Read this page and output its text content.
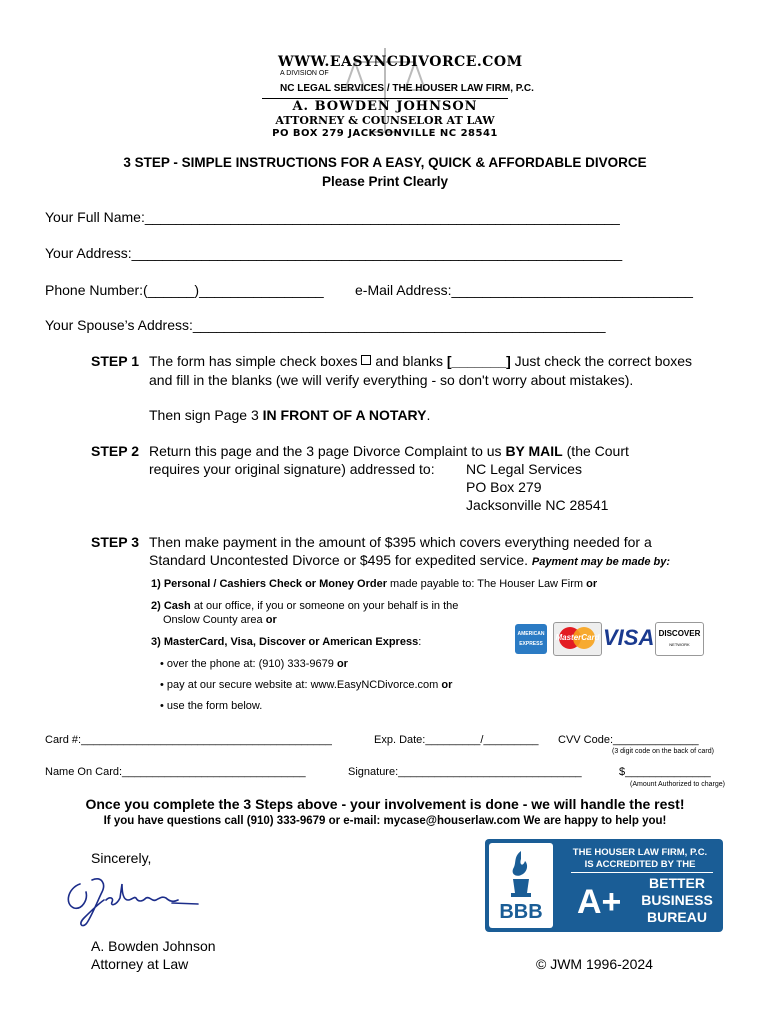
WWW.EASYNCDIVORCE.COM
A DIVISION OF
NC LEGAL SERVICES / THE HOUSER LAW FIRM, P.C.
A. BOWDEN JOHNSON
ATTORNEY & COUNSELOR AT LAW
PO BOX 279 JACKSONVILLE NC 28541
3 STEP - SIMPLE INSTRUCTIONS FOR A EASY, QUICK & AFFORDABLE DIVORCE
Please Print Clearly
Your Full Name:_____________________________________________________________
Your Address:_______________________________________________________________
Phone Number:(______)________________ e-Mail Address:_______________________________
Your Spouse’s Address:_____________________________________________________
STEP 1 The form has simple check boxes and blanks [_______] Just check the correct boxes
and fill in the blanks (we will verify everything - so don't worry about mistakes).
Then sign Page 3 IN FRONT OF A NOTARY.
STEP 2 Return this page and the 3 page Divorce Complaint to us BY MAIL (the Court
requires your original signature) addressed to: NC Legal Services
PO Box 279
Jacksonville NC 28541
STEP 3 Then make payment in the amount of $395 which covers everything needed for a
Standard Uncontested Divorce or $495 for expedited service. Payment may be made by:
1) Personal / Cashiers Check or Money Order made payable to: The Houser Law Firm or
2) Cash at our office, if you or someone on your behalf is in the
Onslow County area or
3) MasterCard, Visa, Discover or American Express:
• over the phone at: (910) 333-9679 or
• pay at our secure website at: www.EasyNCDivorce.com or
• use the form below.
AMERICAN EXPRESS
MasterCard VISA DISCOVER
NETWORK
Card #:_________________________________________	Exp. Date:_________/_________ CVV Code:______________
(3 digit code on the back of card)
Name On Card:______________________________	Signature:______________________________	$______________
(Amount Authorized to charge)
Once you complete the 3 Steps above - your involvement is done - we will handle the rest!
If you have questions call (910) 333-9679 or e-mail: mycase@houserlaw.com We are happy to help you!
Sincerely,
A. Bowden Johnson
Attorney at Law	© JWM 1996-2024
BBB
THE HOUSER LAW FIRM, P.C.
IS ACCREDITED BY THE
A+	BETTER
BUSINESS
BUREAU
